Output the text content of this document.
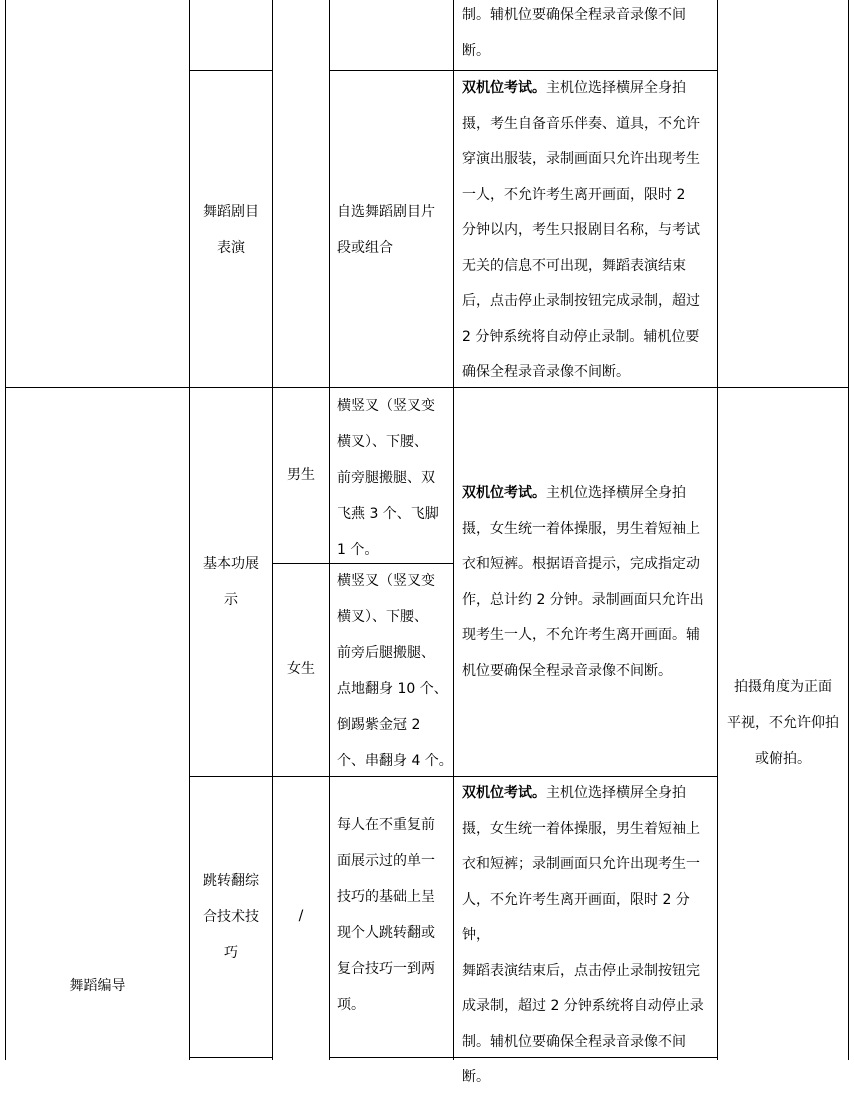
制。辅机位要确保全程录音录像不间
断。
舞蹈剧目
表演
自选舞蹈剧目片
段或组合
双机位考试。主机位选择横屏全身拍
摄，考生自备音乐伴奏、道具，不允许
穿演出服装，录制画面只允许出现考生
一人，不允许考生离开画面，限时 2
分钟以内，考生只报剧目名称，与考试
无关的信息不可出现，舞蹈表演结束
后，点击停止录制按钮完成录制，超过
2 分钟系统将自动停止录制。辅机位要
确保全程录音录像不间断。
基本功展
示
男生
横竖叉（竖叉变
横叉）、下腰、
前旁腿搬腿、双
飞燕 3 个、飞脚
1 个。
女生
横竖叉（竖叉变
横叉）、下腰、
前旁后腿搬腿、
点地翻身 10 个、
倒踢紫金冠 2
个、串翻身 4 个。
双机位考试。主机位选择横屏全身拍
摄，女生统一着体操服，男生着短袖上
衣和短裤。根据语音提示，完成指定动
作，总计约 2 分钟。录制画面只允许出
现考生一人，不允许考生离开画面。辅
机位要确保全程录音录像不间断。
跳转翻综
合技术技
巧
/
每人在不重复前
面展示过的单一
技巧的基础上呈
现个人跳转翻或
复合技巧一到两
项。
双机位考试。主机位选择横屏全身拍
摄，女生统一着体操服，男生着短袖上
衣和短裤；录制画面只允许出现考生一
人，不允许考生离开画面，限时 2 分钟，
舞蹈表演结束后，点击停止录制按钮完
成录制，超过 2 分钟系统将自动停止录
制。辅机位要确保全程录音录像不间
断。
舞蹈编导
拍摄角度为正面
平视，不允许仰拍
或俯拍。
